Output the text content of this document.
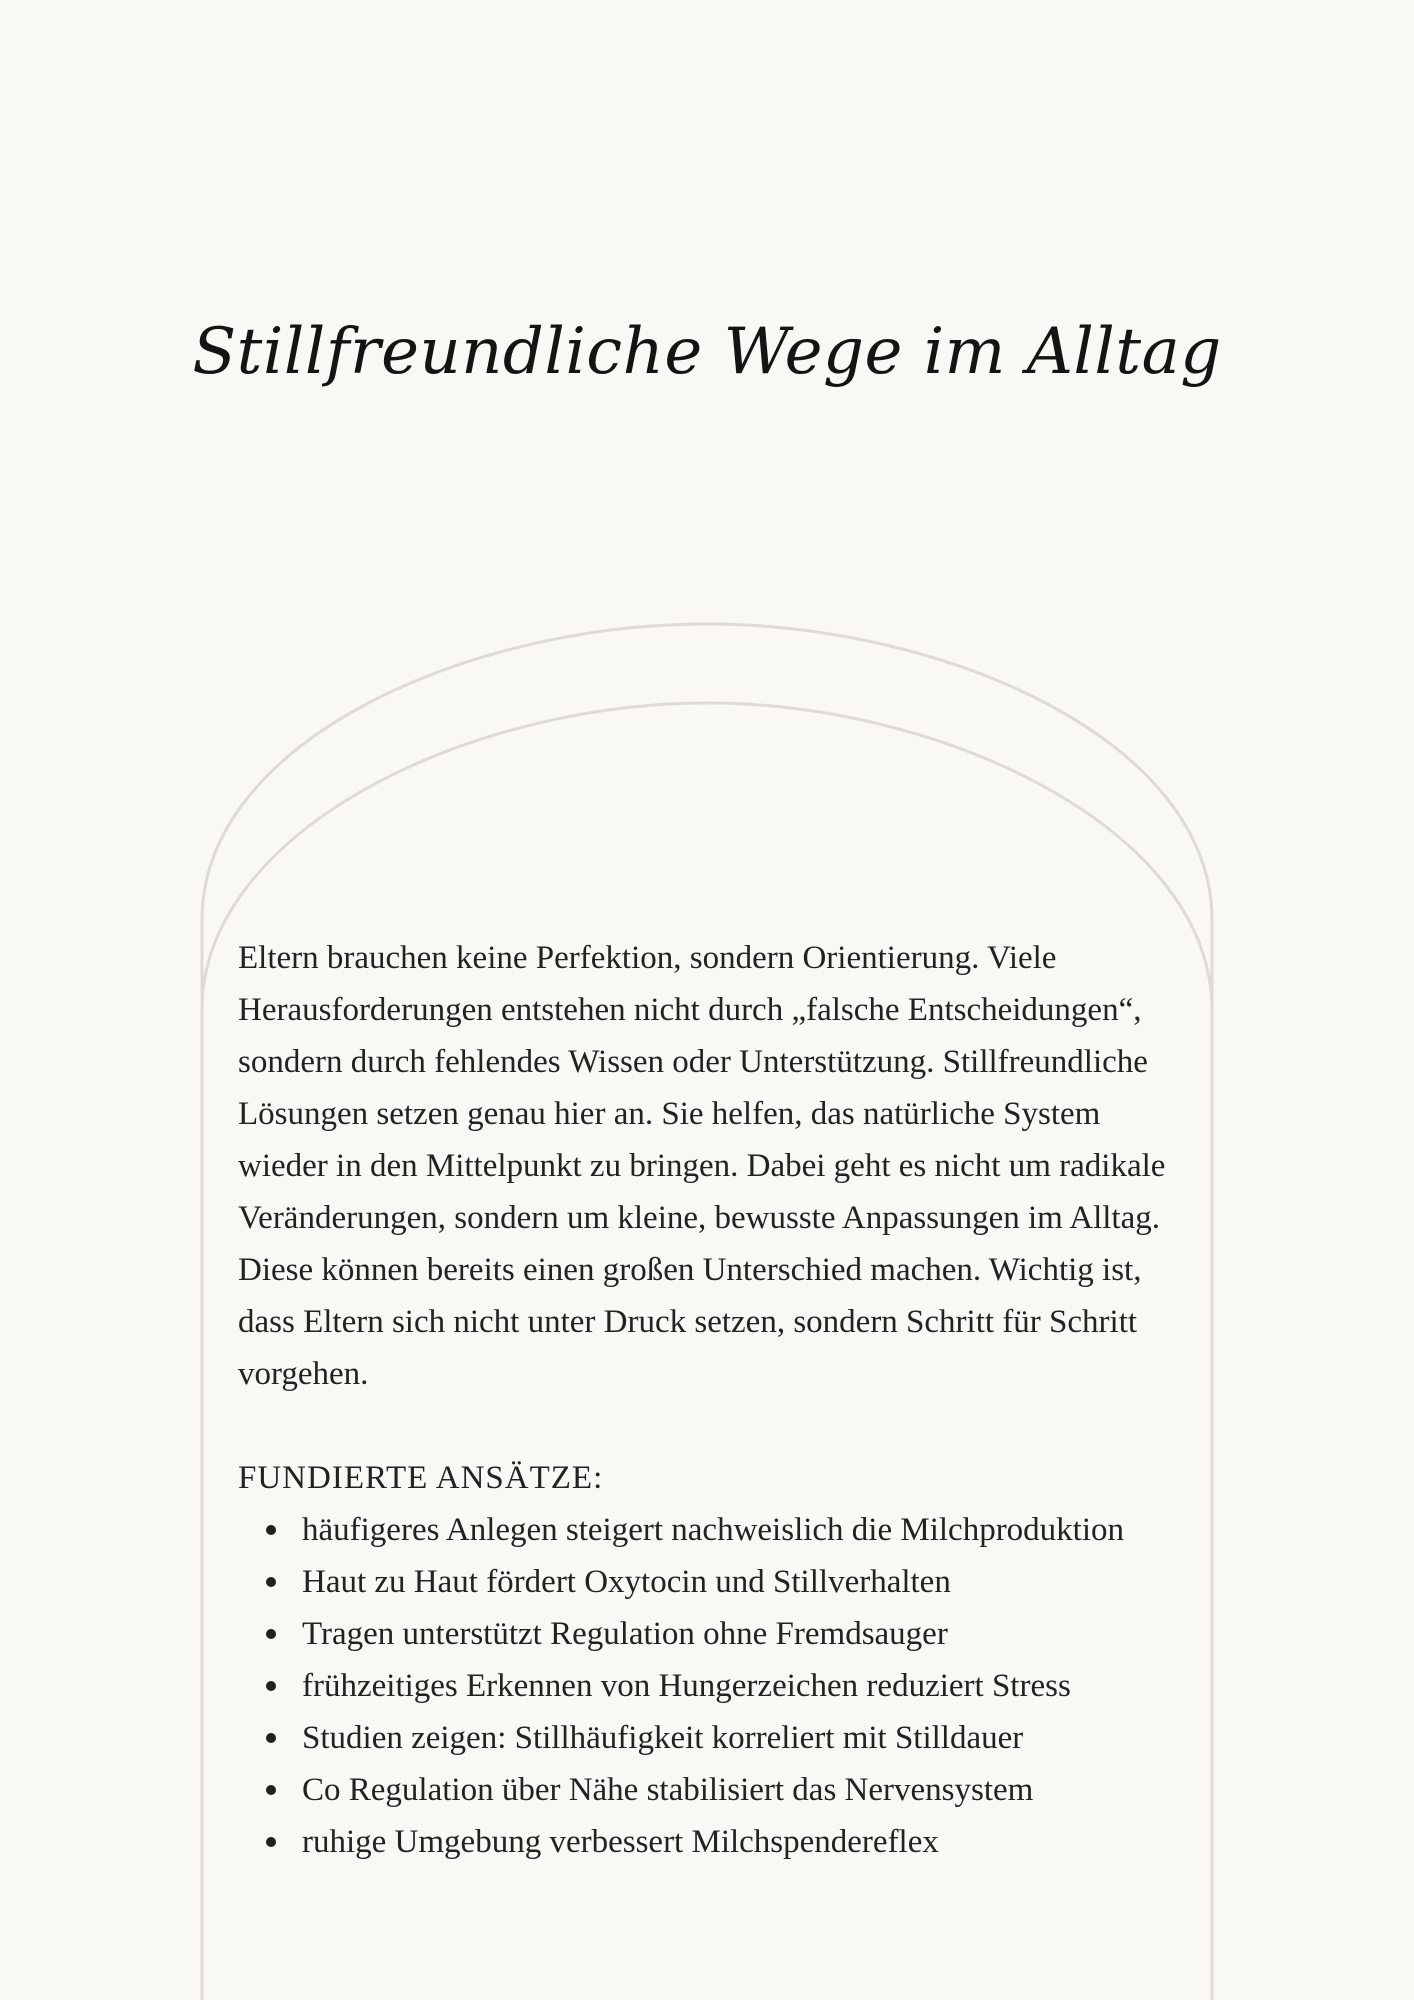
Stillfreundliche Wege im Alltag

Eltern brauchen keine Perfektion, sondern Orientierung. Viele Herausforderungen entstehen nicht durch „falsche Entscheidungen“, sondern durch fehlendes Wissen oder Unterstützung. Stillfreundliche Lösungen setzen genau hier an. Sie helfen, das natürliche System wieder in den Mittelpunkt zu bringen. Dabei geht es nicht um radikale Veränderungen, sondern um kleine, bewusste Anpassungen im Alltag. Diese können bereits einen großen Unterschied machen. Wichtig ist, dass Eltern sich nicht unter Druck setzen, sondern Schritt für Schritt vorgehen.

FUNDIERTE ANSÄTZE:
häufigeres Anlegen steigert nachweislich die Milchproduktion
Haut zu Haut fördert Oxytocin und Stillverhalten
Tragen unterstützt Regulation ohne Fremdsauger
frühzeitiges Erkennen von Hungerzeichen reduziert Stress
Studien zeigen: Stillhäufigkeit korreliert mit Stilldauer
Co Regulation über Nähe stabilisiert das Nervensystem
ruhige Umgebung verbessert Milchspendereflex
